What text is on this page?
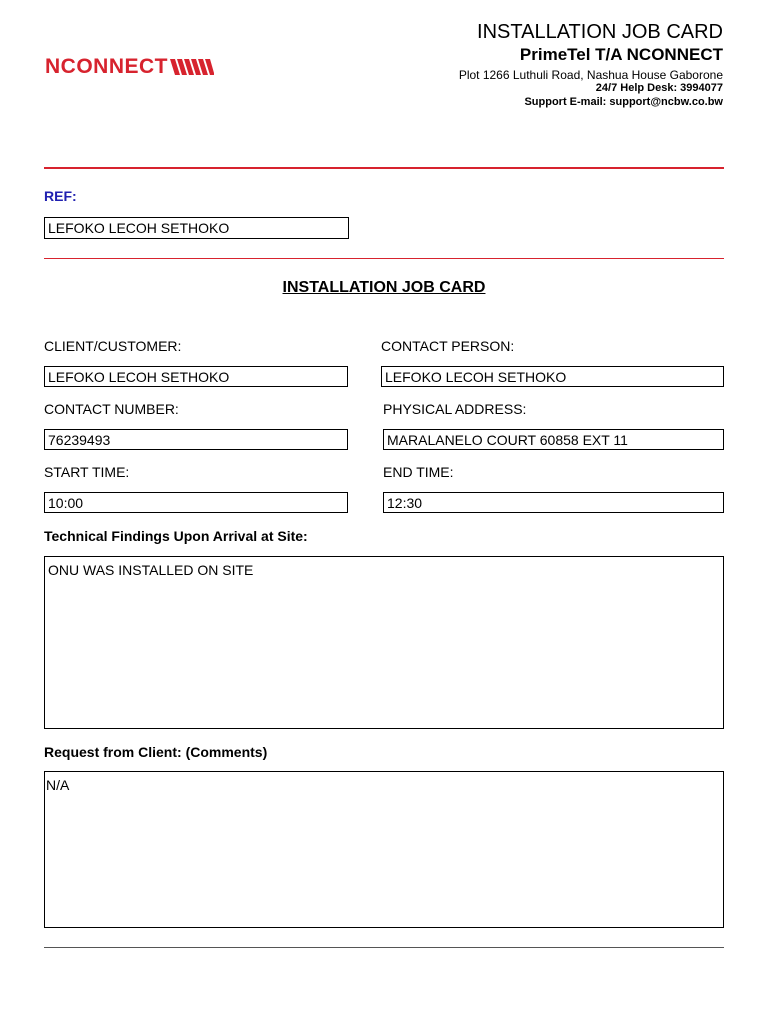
NCONNECT
INSTALLATION JOB CARD
PrimeTel T/A NCONNECT
Plot 1266 Luthuli Road, Nashua House Gaborone
24/7 Help Desk: 3994077
Support E-mail: support@ncbw.co.bw
REF:
LEFOKO LECOH SETHOKO
INSTALLATION JOB CARD
CLIENT/CUSTOMER:	CONTACT PERSON:
LEFOKO LECOH SETHOKO	LEFOKO LECOH SETHOKO
CONTACT NUMBER:	PHYSICAL ADDRESS:
76239493	MARALANELO COURT 60858 EXT 11
START TIME:	END TIME:
10:00	12:30
Technical Findings Upon Arrival at Site:
ONU WAS INSTALLED ON SITE
Request from Client: (Comments)
N/A
